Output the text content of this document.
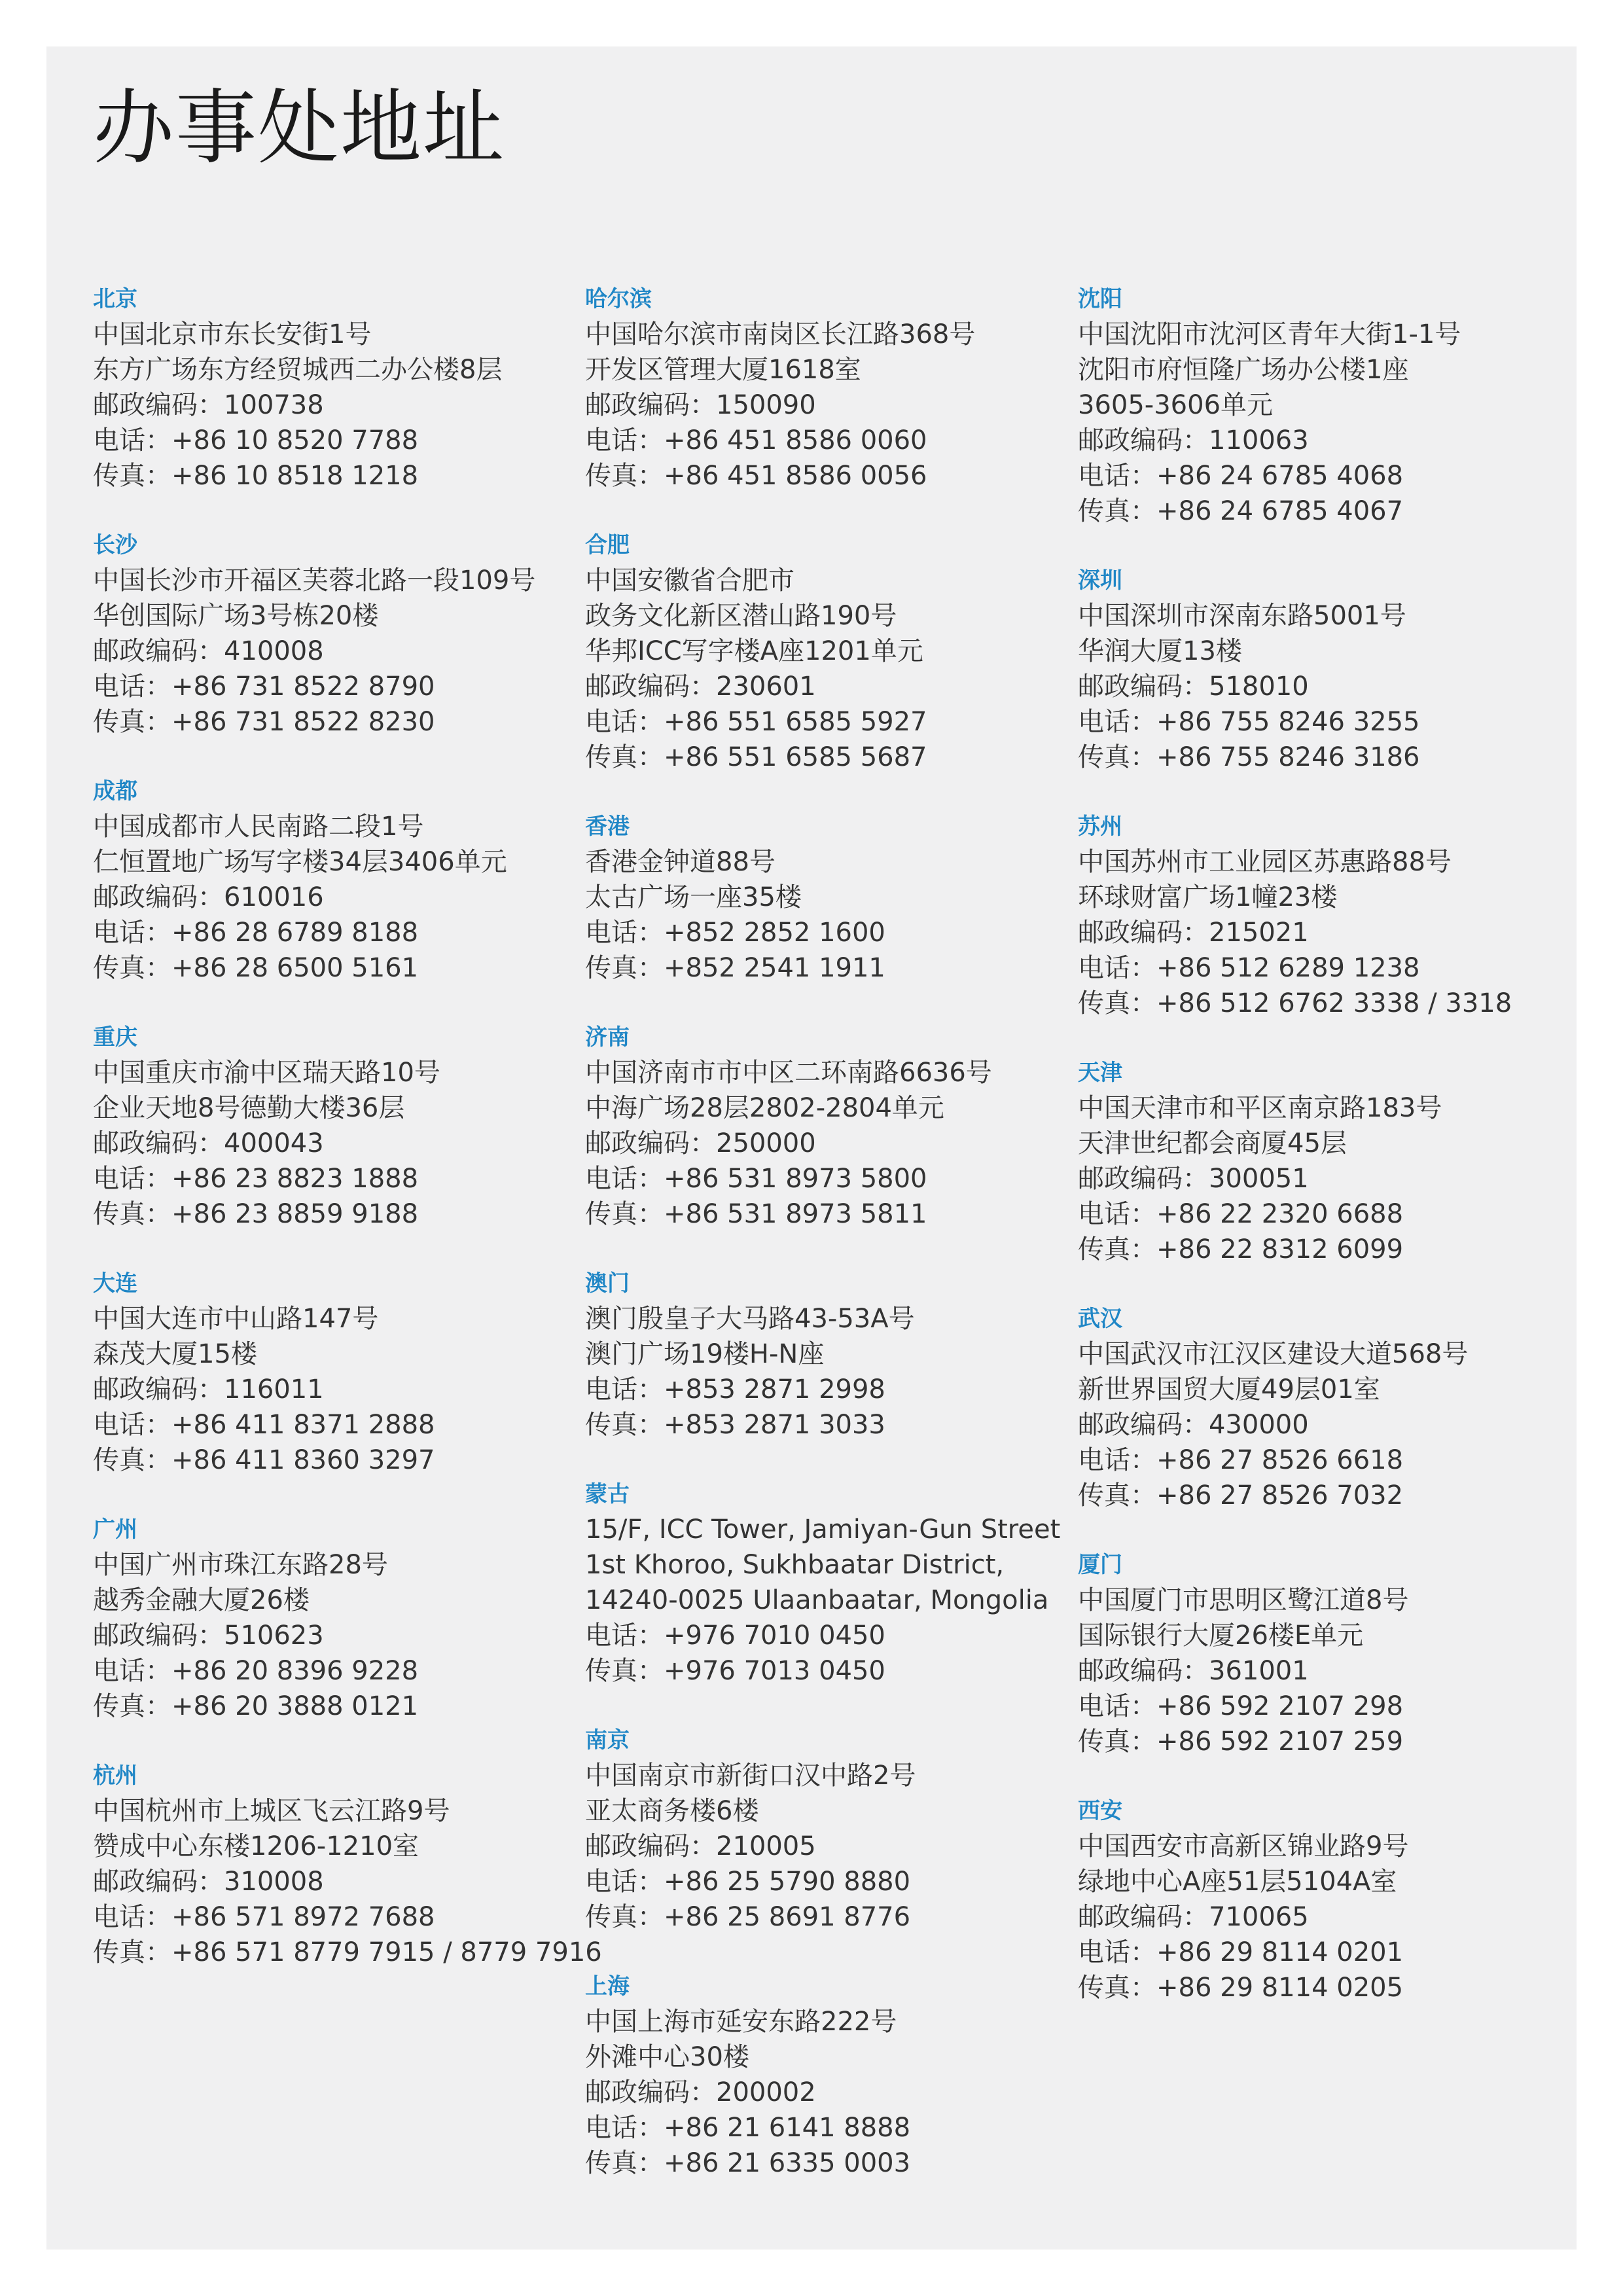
办事处地址
北京
中国北京市东长安街1号
东方广场东方经贸城西二办公楼8层
邮政编码：100738
电话：+86 10 8520 7788
传真：+86 10 8518 1218
长沙
中国长沙市开福区芙蓉北路一段109号
华创国际广场3号栋20楼
邮政编码：410008
电话：+86 731 8522 8790
传真：+86 731 8522 8230
成都
中国成都市人民南路二段1号
仁恒置地广场写字楼34层3406单元
邮政编码：610016
电话：+86 28 6789 8188
传真：+86 28 6500 5161
重庆
中国重庆市渝中区瑞天路10号
企业天地8号德勤大楼36层
邮政编码：400043
电话：+86 23 8823 1888
传真：+86 23 8859 9188
大连
中国大连市中山路147号
森茂大厦15楼
邮政编码：116011
电话：+86 411 8371 2888
传真：+86 411 8360 3297
广州
中国广州市珠江东路28号
越秀金融大厦26楼
邮政编码：510623
电话：+86 20 8396 9228
传真：+86 20 3888 0121
杭州
中国杭州市上城区飞云江路9号
赞成中心东楼1206-1210室
邮政编码：310008
电话：+86 571 8972 7688
传真：+86 571 8779 7915 / 8779 7916
哈尔滨
中国哈尔滨市南岗区长江路368号
开发区管理大厦1618室
邮政编码：150090
电话：+86 451 8586 0060
传真：+86 451 8586 0056
合肥
中国安徽省合肥市
政务文化新区潜山路190号
华邦ICC写字楼A座1201单元
邮政编码：230601
电话：+86 551 6585 5927
传真：+86 551 6585 5687
香港
香港金钟道88号
太古广场一座35楼
电话：+852 2852 1600
传真：+852 2541 1911
济南
中国济南市市中区二环南路6636号
中海广场28层2802-2804单元
邮政编码：250000
电话：+86 531 8973 5800
传真：+86 531 8973 5811
澳门
澳门殷皇子大马路43-53A号
澳门广场19楼H-N座
电话：+853 2871 2998
传真：+853 2871 3033
蒙古
15/F, ICC Tower, Jamiyan-Gun Street
1st Khoroo, Sukhbaatar District,
14240-0025 Ulaanbaatar, Mongolia
电话：+976 7010 0450
传真：+976 7013 0450
南京
中国南京市新街口汉中路2号
亚太商务楼6楼
邮政编码：210005
电话：+86 25 5790 8880
传真：+86 25 8691 8776
上海
中国上海市延安东路222号
外滩中心30楼
邮政编码：200002
电话：+86 21 6141 8888
传真：+86 21 6335 0003
沈阳
中国沈阳市沈河区青年大街1-1号
沈阳市府恒隆广场办公楼1座
3605-3606单元
邮政编码：110063
电话：+86 24 6785 4068
传真：+86 24 6785 4067
深圳
中国深圳市深南东路5001号
华润大厦13楼
邮政编码：518010
电话：+86 755 8246 3255
传真：+86 755 8246 3186
苏州
中国苏州市工业园区苏惠路88号
环球财富广场1幢23楼
邮政编码：215021
电话：+86 512 6289 1238
传真：+86 512 6762 3338 / 3318
天津
中国天津市和平区南京路183号
天津世纪都会商厦45层
邮政编码：300051
电话：+86 22 2320 6688
传真：+86 22 8312 6099
武汉
中国武汉市江汉区建设大道568号
新世界国贸大厦49层01室
邮政编码：430000
电话：+86 27 8526 6618
传真：+86 27 8526 7032
厦门
中国厦门市思明区鹭江道8号
国际银行大厦26楼E单元
邮政编码：361001
电话：+86 592 2107 298
传真：+86 592 2107 259
西安
中国西安市高新区锦业路9号
绿地中心A座51层5104A室
邮政编码：710065
电话：+86 29 8114 0201
传真：+86 29 8114 0205
